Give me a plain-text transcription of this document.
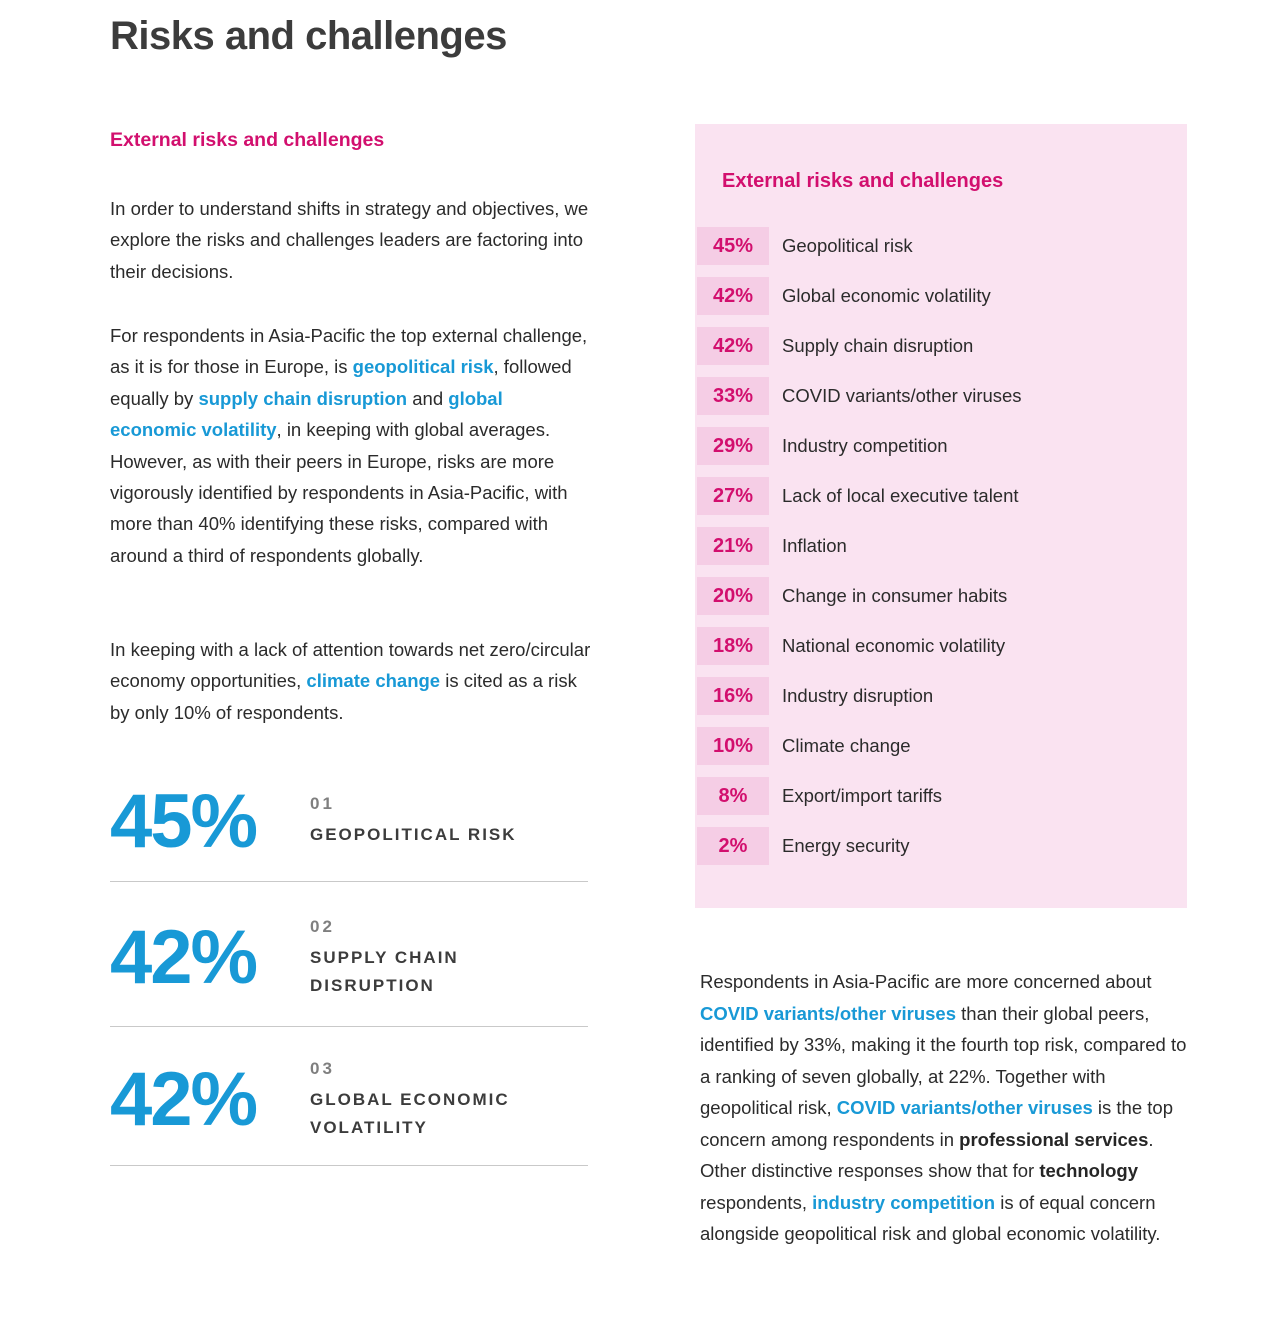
Risks and challenges
External risks and challenges

In order to understand shifts in strategy and objectives, we explore the risks and challenges leaders are factoring into their decisions.

For respondents in Asia-Pacific the top external challenge, as it is for those in Europe, is geopolitical risk, followed equally by supply chain disruption and global economic volatility, in keeping with global averages. However, as with their peers in Europe, risks are more vigorously identified by respondents in Asia-Pacific, with more than 40% identifying these risks, compared with around a third of respondents globally.

In keeping with a lack of attention towards net zero/circular economy opportunities, climate change is cited as a risk by only 10% of respondents.

45%	01
GEOPOLITICAL RISK
42%	02
SUPPLY CHAIN DISRUPTION
42%	03
GLOBAL ECONOMIC VOLATILITY
External risks and challenges
45%	Geopolitical risk
42%	Global economic volatility
42%	Supply chain disruption
33%	COVID variants/other viruses
29%	Industry competition
27%	Lack of local executive talent
21%	Inflation
20%	Change in consumer habits
18%	National economic volatility
16%	Industry disruption
10%	Climate change
8%	Export/import tariffs
2%	Energy security

Respondents in Asia-Pacific are more concerned about COVID variants/other viruses than their global peers, identified by 33%, making it the fourth top risk, compared to a ranking of seven globally, at 22%. Together with geopolitical risk, COVID variants/other viruses is the top concern among respondents in professional services. Other distinctive responses show that for technology respondents, industry competition is of equal concern alongside geopolitical risk and global economic volatility.
